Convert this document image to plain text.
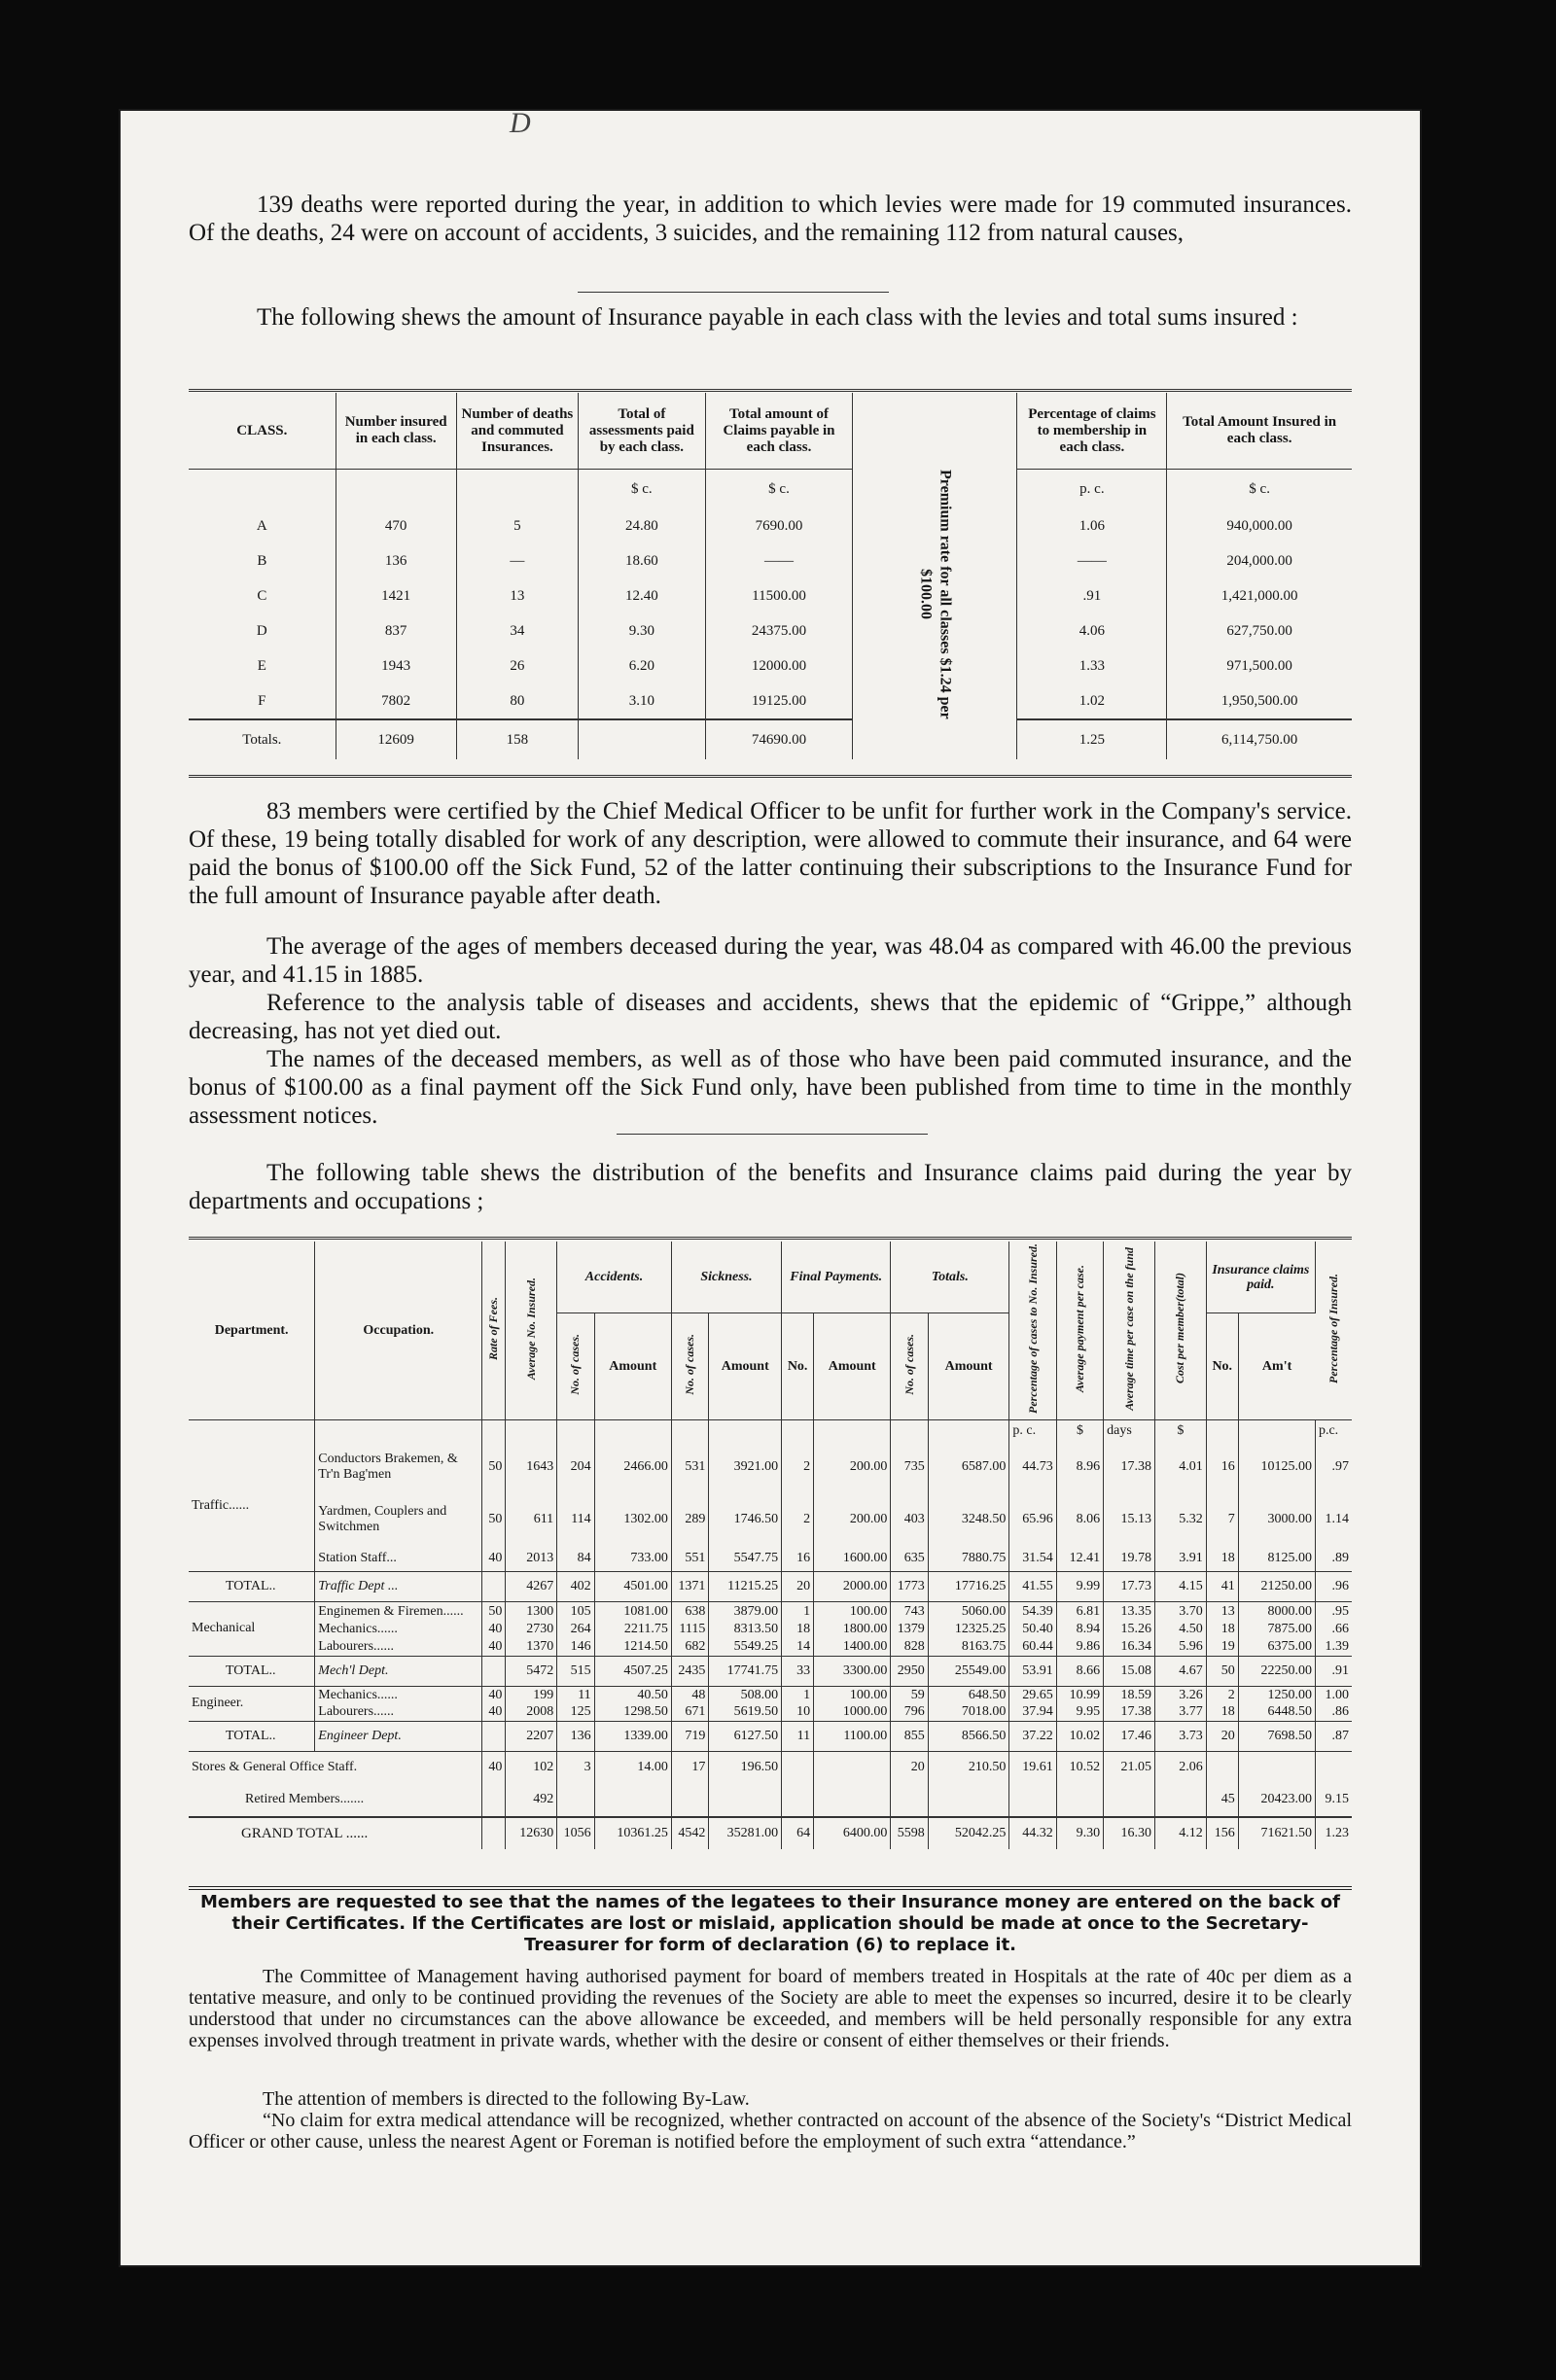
D

139 deaths were reported during the year, in addition to which levies were made for 19 commuted insurances. Of the deaths, 24 were on account of accidents, 3 suicides, and the remaining 112 from natural causes,

The following shews the amount of Insurance payable in each class with the levies and total sums insured :

CLASS.	Number insured in each class.	Number of deaths and commuted Insurances.	Total of assessments paid by each class.	Total amount of Claims payable in each class.		Percentage of claims to membership in each class.	Total Amount Insured in each class.
			$ c.	$ c.	Premium rate for all classes $1.24 per $100.00	p. c.	$ c.
A	470	5	24.80	7690.00		1.06	940,000.00
B	136	—	18.60	——		——	204,000.00
C	1421	13	12.40	11500.00		.91	1,421,000.00
D	837	34	9.30	24375.00		4.06	627,750.00
E	1943	26	6.20	12000.00		1.33	971,500.00
F	7802	80	3.10	19125.00		1.02	1,950,500.00
Totals.	12609	158		74690.00		1.25	6,114,750.00

83 members were certified by the Chief Medical Officer to be unfit for further work in the Company's service. Of these, 19 being totally disabled for work of any description, were allowed to commute their insurance, and 64 were paid the bonus of $100.00 off the Sick Fund, 52 of the latter continuing their subscriptions to the Insurance Fund for the full amount of Insurance payable after death.

The average of the ages of members deceased during the year, was 48.04 as compared with 46.00 the previous year, and 41.15 in 1885.

Reference to the analysis table of diseases and accidents, shews that the epidemic of “Grippe,” although decreasing, has not yet died out.

The names of the deceased members, as well as of those who have been paid commuted insurance, and the bonus of $100.00 as a final payment off the Sick Fund only, have been published from time to time in the monthly assessment notices.

The following table shews the distribution of the benefits and Insurance claims paid during the year by departments and occupations ;

Department.	Occupation.	Rate of Fees.	Average No. Insured.	Accidents.		Sickness.		Final Payments.		Totals.		Percentage of cases to No. Insured.	Average payment per case.	Average time per case on the fund	Cost per member(total)	Insurance claims paid.		Percentage of Insured.
				No. of cases.	Amount	No. of cases.	Amount	No.	Amount	No. of cases.	Amount					No.	Am't	
												p. c.	$	days	$			p.c.
Traffic......	Conductors Brakemen, & Tr'n Bag'men	50	1643	204	2466.00	531	3921.00	2	200.00	735	6587.00	44.73	8.96	17.38	4.01	16	10125.00	.97
	Yardmen, Couplers and Switchmen	50	611	114	1302.00	289	1746.50	2	200.00	403	3248.50	65.96	8.06	15.13	5.32	7	3000.00	1.14
	Station Staff...	40	2013	84	733.00	551	5547.75	16	1600.00	635	7880.75	31.54	12.41	19.78	3.91	18	8125.00	.89
TOTAL..	Traffic Dept ...		4267	402	4501.00	1371	11215.25	20	2000.00	1773	17716.25	41.55	9.99	17.73	4.15	41	21250.00	.96
Mechanical	Enginemen & Firemen......	50	1300	105	1081.00	638	3879.00	1	100.00	743	5060.00	54.39	6.81	13.35	3.70	13	8000.00	.95
	Mechanics......	40	2730	264	2211.75	1115	8313.50	18	1800.00	1379	12325.25	50.40	8.94	15.26	4.50	18	7875.00	.66
	Labourers......	40	1370	146	1214.50	682	5549.25	14	1400.00	828	8163.75	60.44	9.86	16.34	5.96	19	6375.00	1.39
TOTAL..	Mech'l Dept.		5472	515	4507.25	2435	17741.75	33	3300.00	2950	25549.00	53.91	8.66	15.08	4.67	50	22250.00	.91
Engineer.	Mechanics......	40	199	11	40.50	48	508.00	1	100.00	59	648.50	29.65	10.99	18.59	3.26	2	1250.00	1.00
	Labourers......	40	2008	125	1298.50	671	5619.50	10	1000.00	796	7018.00	37.94	9.95	17.38	3.77	18	6448.50	.86
TOTAL..	Engineer Dept.		2207	136	1339.00	719	6127.50	11	1100.00	855	8566.50	37.22	10.02	17.46	3.73	20	7698.50	.87
Stores & General Office Staff.		40	102	3	14.00	17	196.50			20	210.50	19.61	10.52	21.05	2.06			
Retired Members.......			492													45	20423.00	9.15
GRAND TOTAL ......			12630	1056	10361.25	4542	35281.00	64	6400.00	5598	52042.25	44.32	9.30	16.30	4.12	156	71621.50	1.23
Members are requested to see that the names of the legatees to their Insurance money are entered on the back of their Certificates. If the Certificates are lost or mislaid, application should be made at once to the Secretary-Treasurer for form of declaration (6) to replace it.

The Committee of Management having authorised payment for board of members treated in Hospitals at the rate of 40c per diem as a tentative measure, and only to be continued providing the revenues of the Society are able to meet the expenses so incurred, desire it to be clearly understood that under no circumstances can the above allowance be exceeded, and members will be held personally responsible for any extra expenses involved through treatment in private wards, whether with the desire or consent of either themselves or their friends.

The attention of members is directed to the following By-Law.

“No claim for extra medical attendance will be recognized, whether contracted on account of the absence of the Society's “District Medical Officer or other cause, unless the nearest Agent or Foreman is notified before the employment of such extra “attendance.”
